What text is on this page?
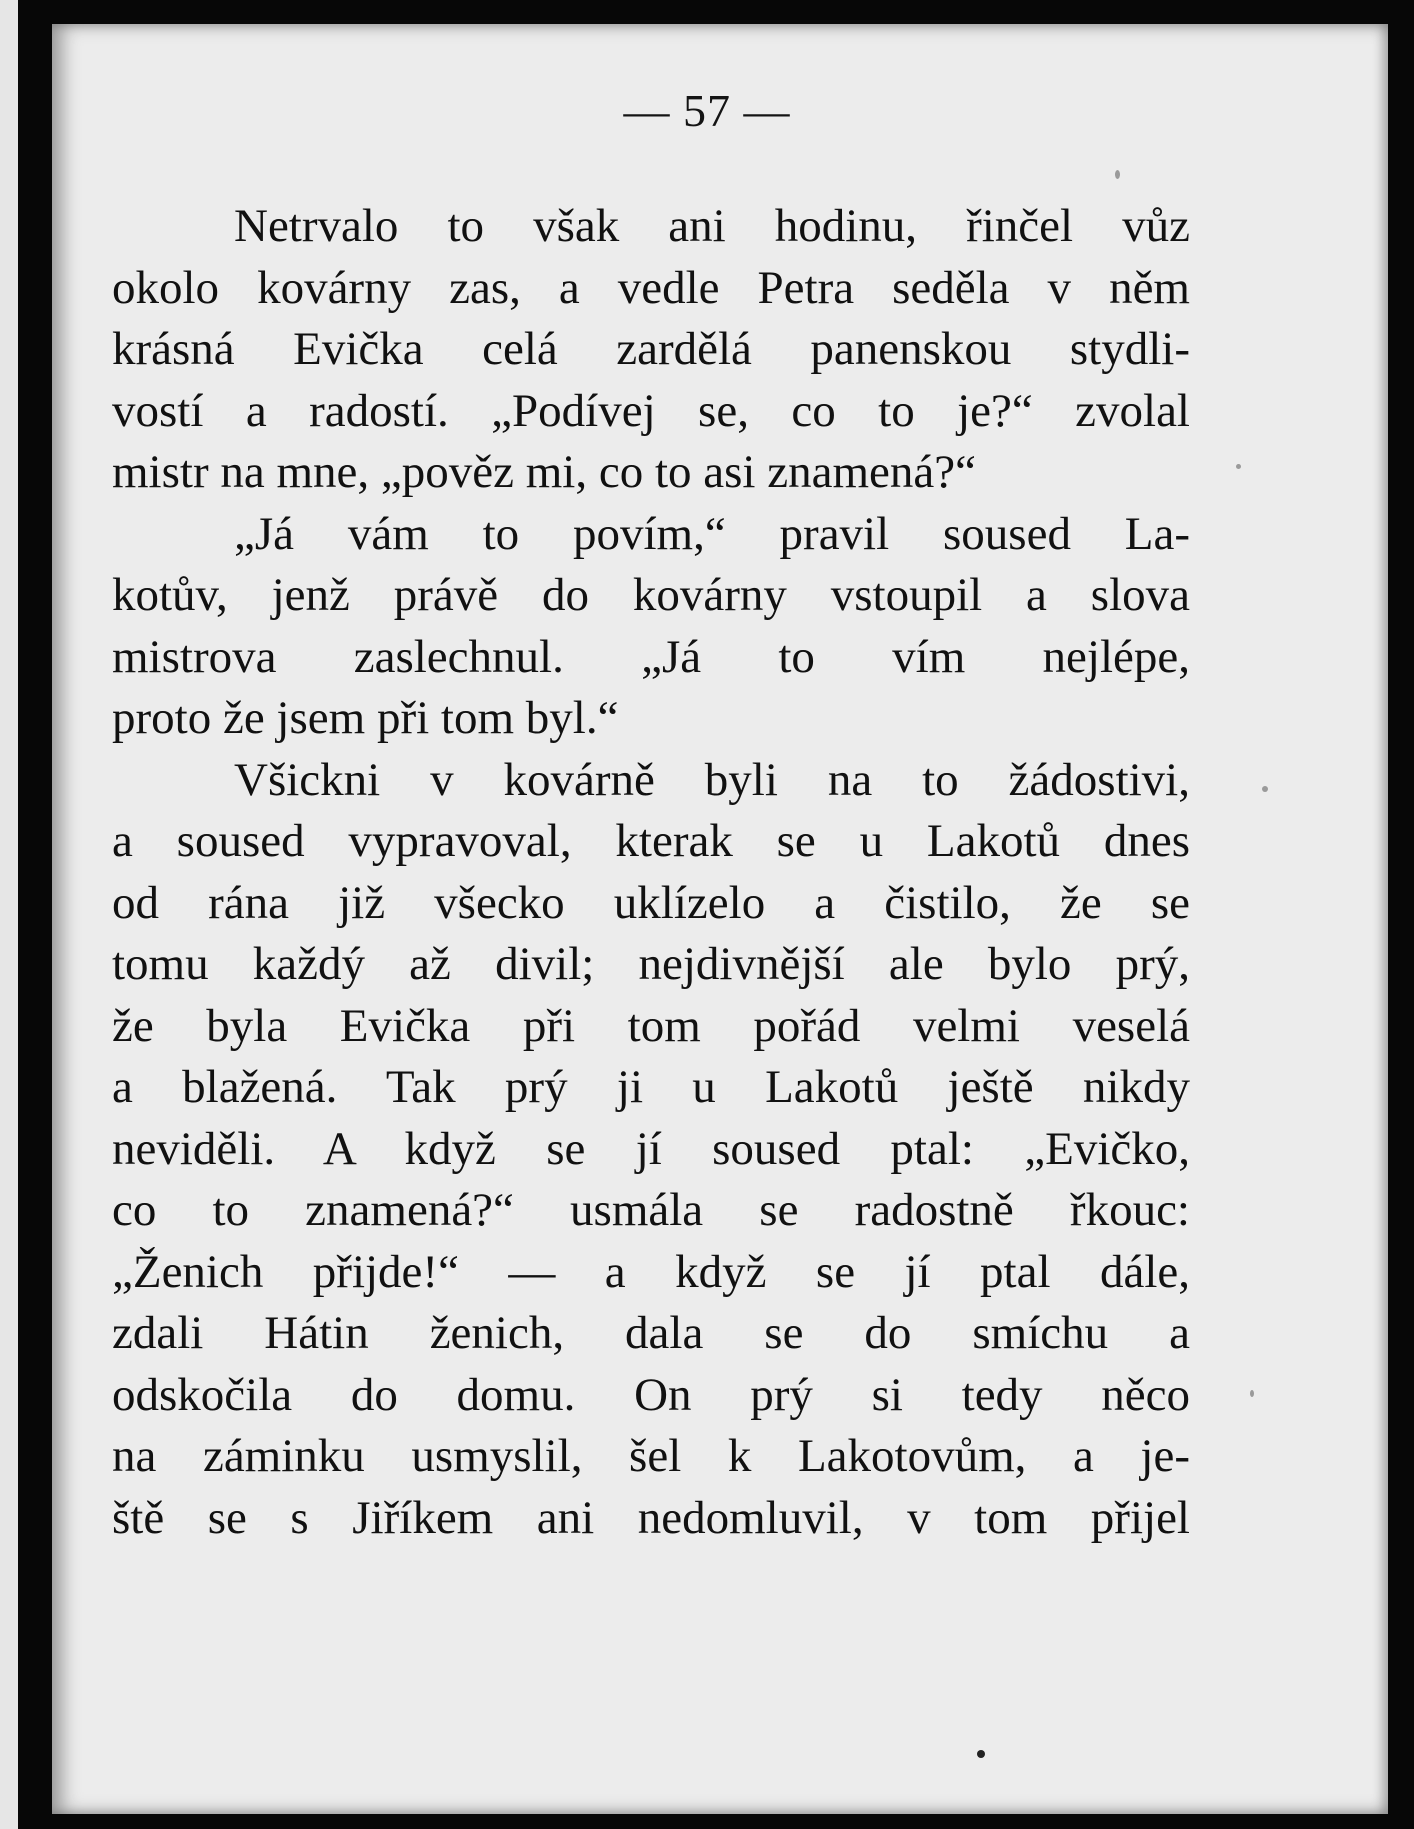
— 57 —
Netrvalo to však ani hodinu, řinčel vůz
okolo kovárny zas, a vedle Petra seděla v něm
krásná Evička celá zardělá panenskou stydli-
vostí a radostí. „Podívej se, co to je?“ zvolal
mistr na mne, „pověz mi, co to asi znamená?“
„Já vám to povím,“ pravil soused La-
kotův, jenž právě do kovárny vstoupil a slova
mistrova zaslechnul. „Já to vím nejlépe,
proto že jsem při tom byl.“
Všickni v kovárně byli na to žádostivi,
a soused vypravoval, kterak se u Lakotů dnes
od rána již všecko uklízelo a čistilo, že se
tomu každý až divil; nejdivnější ale bylo prý,
že byla Evička při tom pořád velmi veselá
a blažená. Tak prý ji u Lakotů ještě nikdy
neviděli. A když se jí soused ptal: „Evičko,
co to znamená?“ usmála se radostně řkouc:
„Ženich přijde!“ — a když se jí ptal dále,
zdali Hátin ženich, dala se do smíchu a
odskočila do domu. On prý si tedy něco
na záminku usmyslil, šel k Lakotovům, a je-
ště se s Jiříkem ani nedomluvil, v tom přijel
